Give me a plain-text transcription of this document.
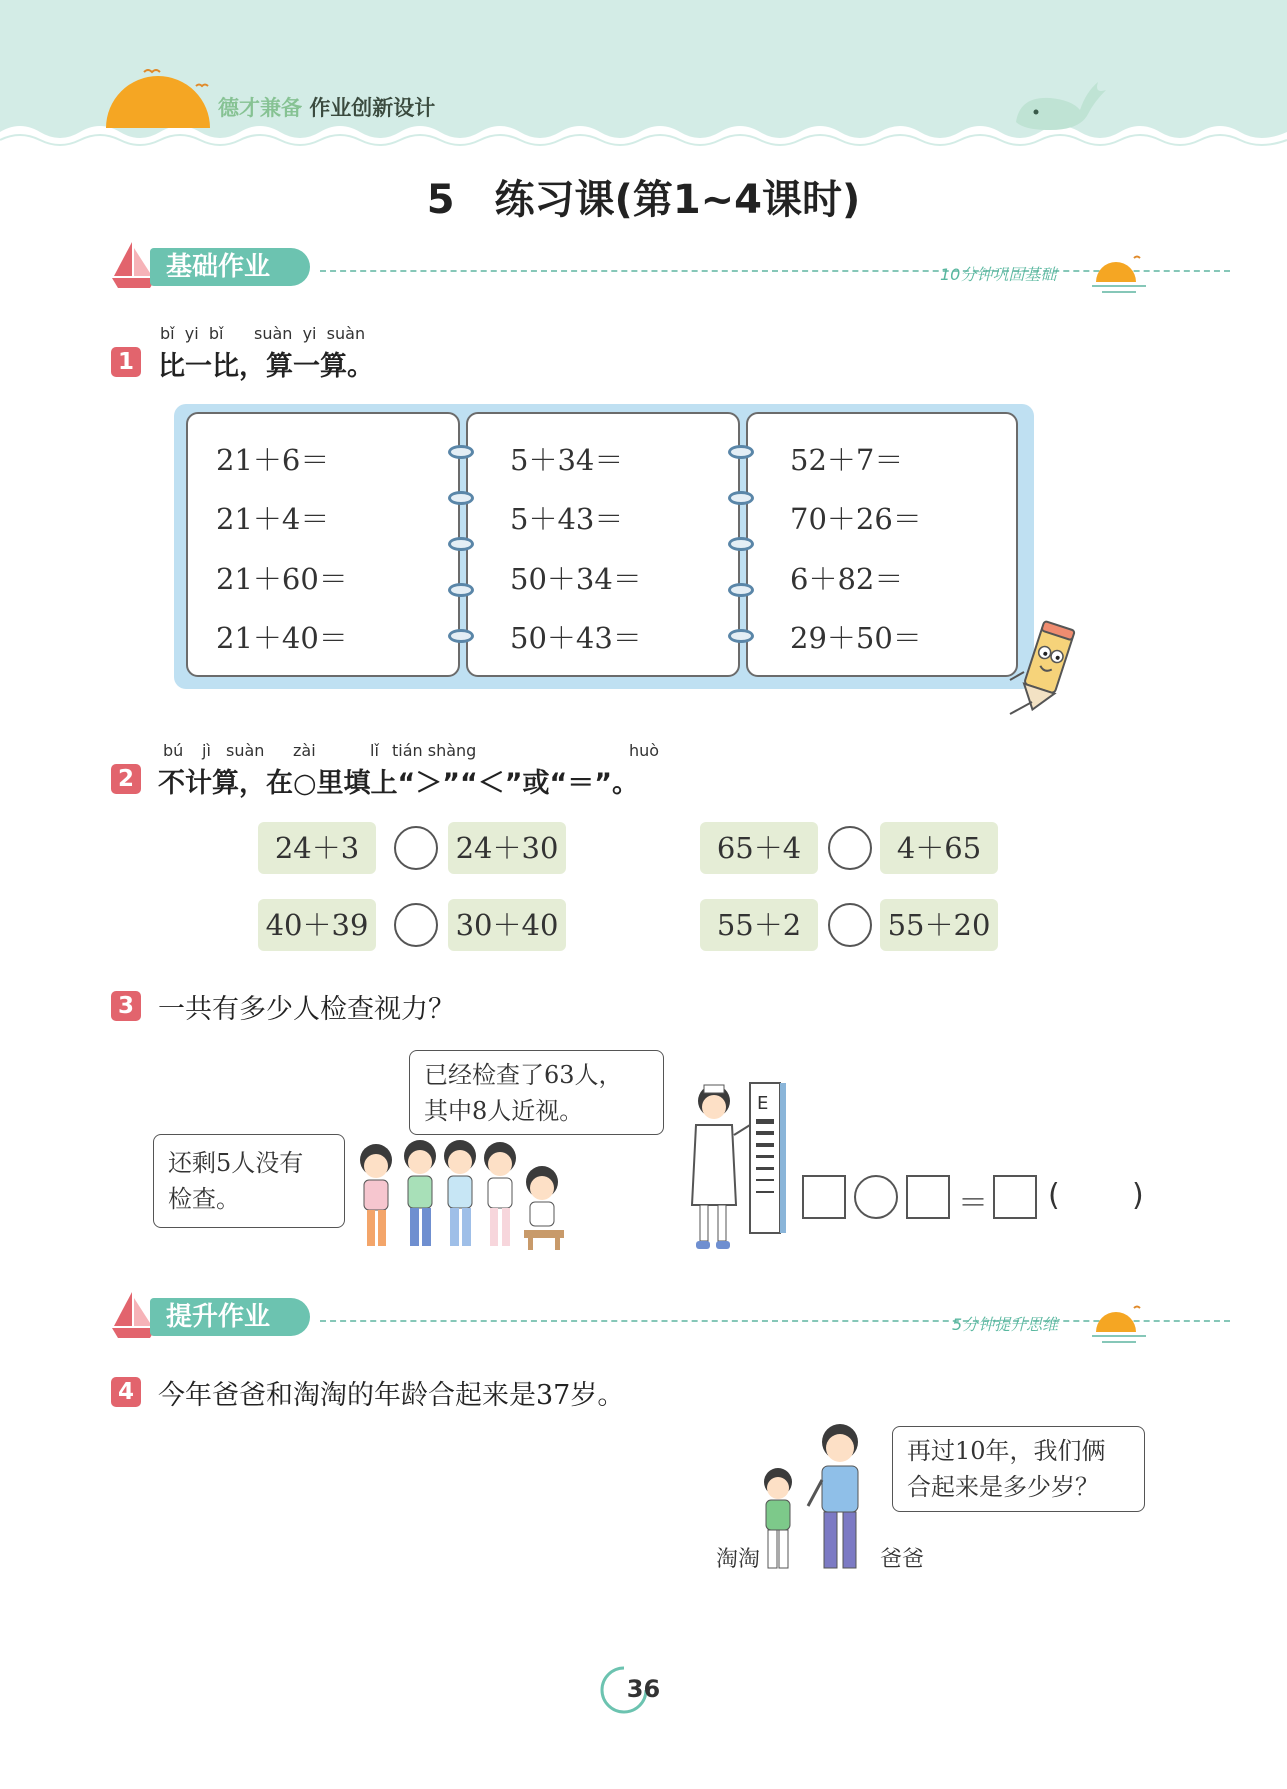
德才兼备 作业创新设计
5　练习课(第1~4课时)
基础作业	10分钟巩固基础
bǐ  yi  bǐ      suàn  yi  suàn
1 比一比，算一算。
21＋6＝
21＋4＝
21＋60＝
21＋40＝
5＋34＝
5＋43＝
50＋34＝
50＋43＝
52＋7＝
70＋26＝
6＋82＝
29＋50＝
bú jì suàn zài	lǐ tián shàng	huò
2 不计算，在○里填上“＞”“＜”或“＝”。
24＋3	24＋30	65＋4	4＋65
40＋39	30＋40	55＋2	55＋20
3 一共有多少人检查视力？
已经检查了63人，
其中8人近视。
还剩5人没有
检查。
E
＝ ( )
提升作业	5分钟提升思维
4 今年爸爸和淘淘的年龄合起来是37岁。
再过10年，我们俩
合起来是多少岁？
淘淘	爸爸
36
